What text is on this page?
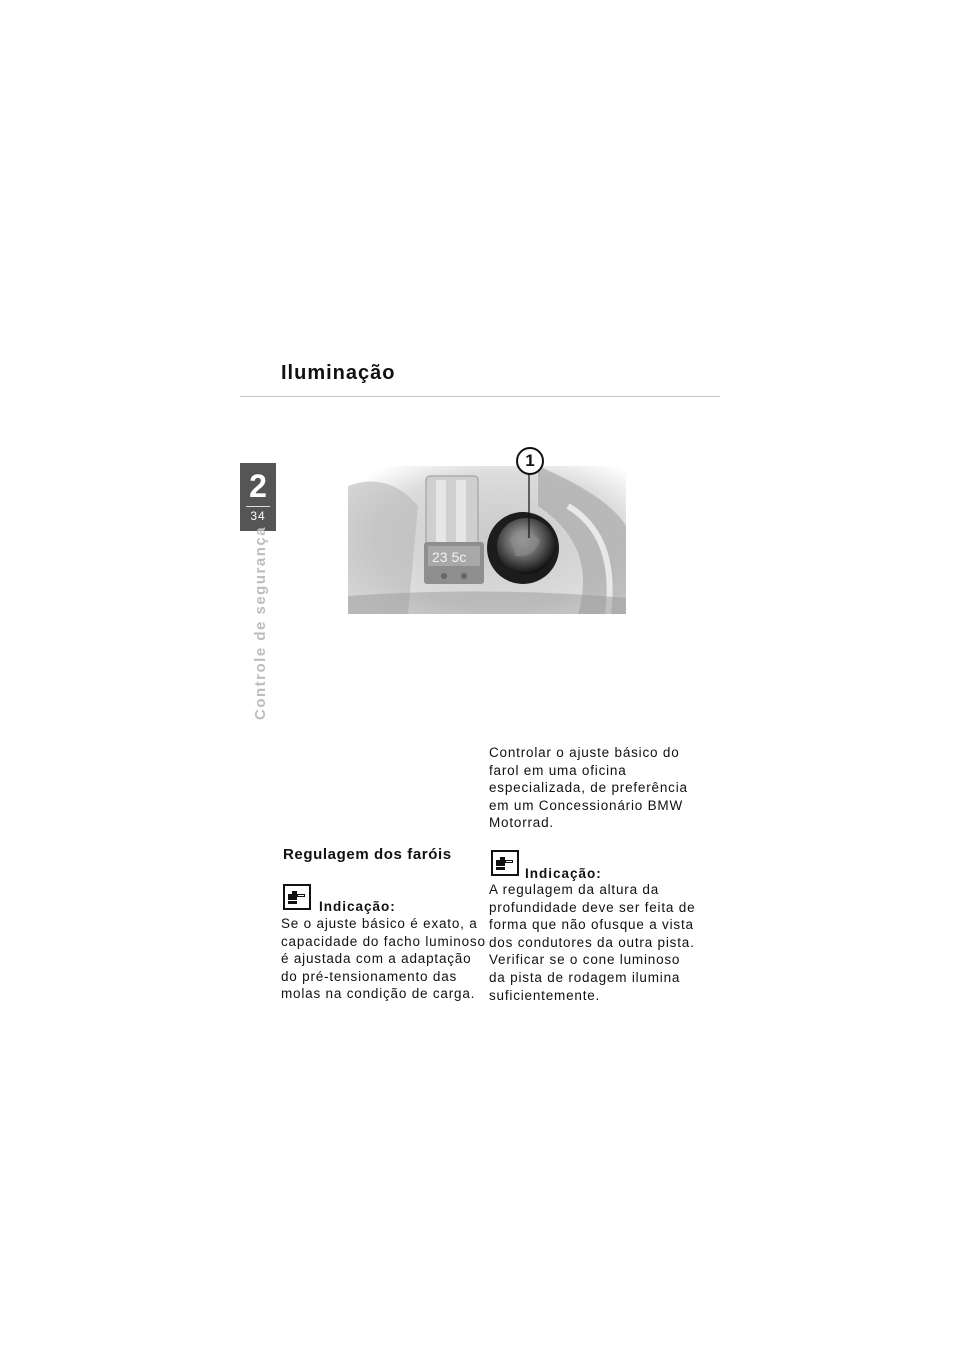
Iluminação
2
34
Controle de segurança	23 5c
1
Controlar o ajuste básico do farol em uma oficina especializada, de preferência em um Concessionário BMW Motorrad.
Indicação:
A regulagem da altura da profundidade deve ser feita de forma que não ofusque a vista dos condutores da outra pista. Verificar se o cone luminoso da pista de rodagem ilumina suficientemente.
Regulagem dos faróis
Indicação:
Se o ajuste básico é exato, a capacidade do facho luminoso é ajustada com a adaptação do pré-tensionamento das molas na condição de carga.
